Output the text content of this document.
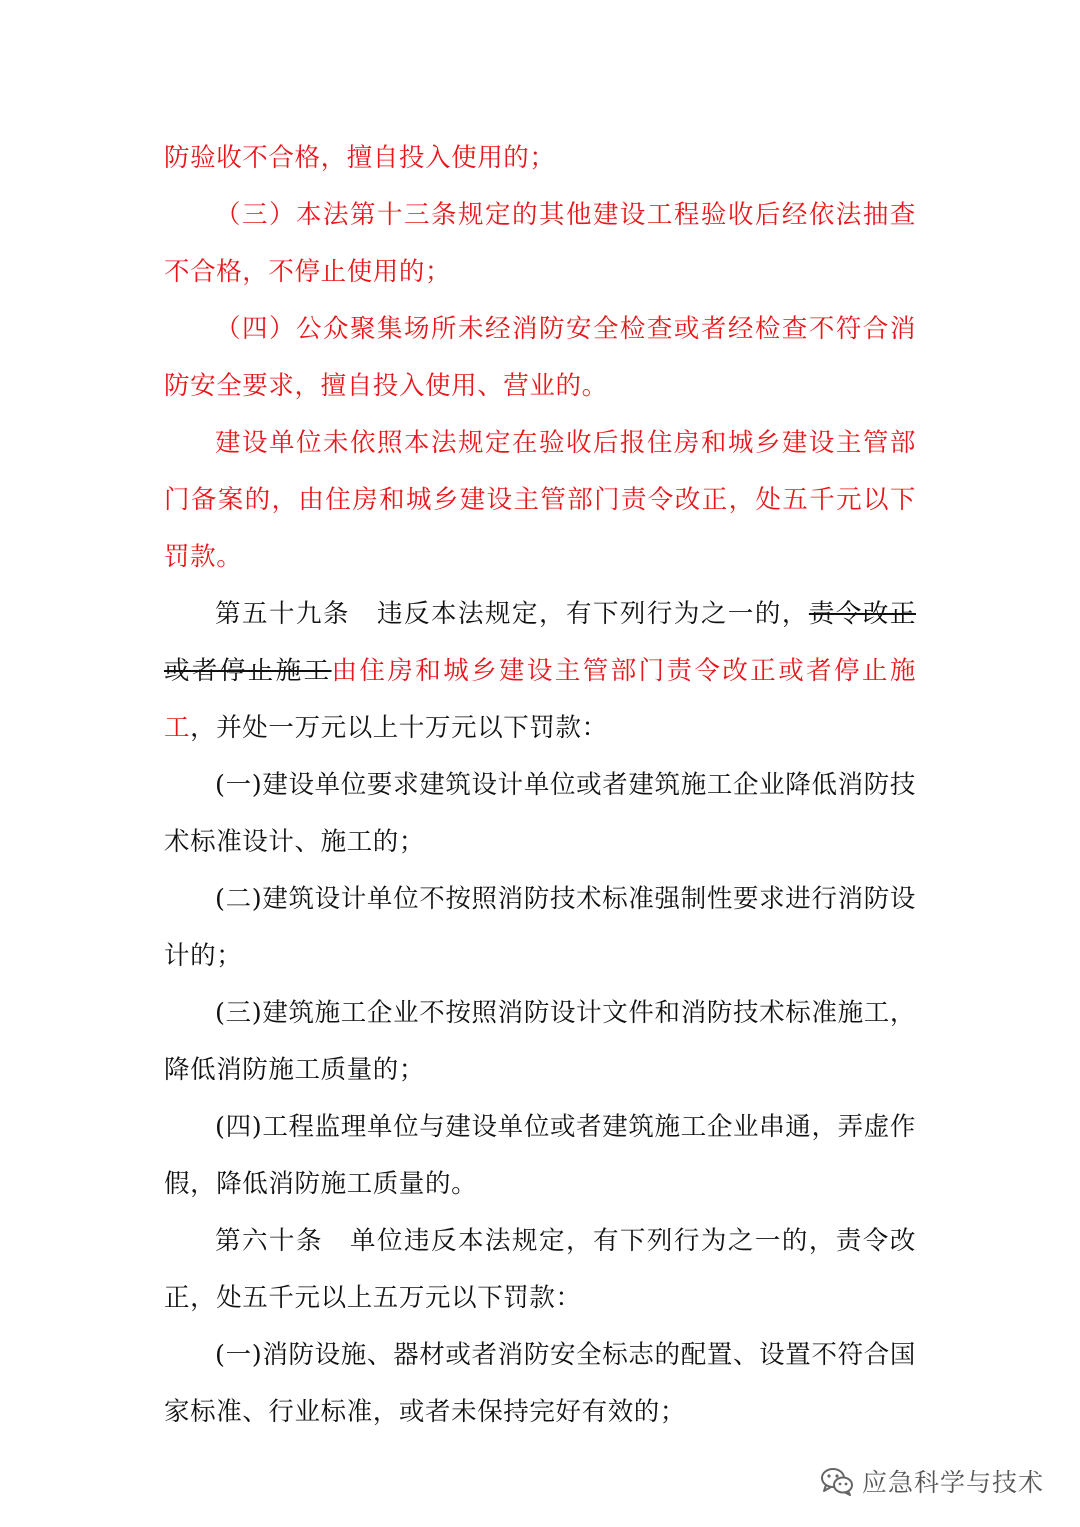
防验收不合格，擅自投入使用的；

（三）本法第十三条规定的其他建设工程验收后经依法抽查不合格，不停止使用的；

（四）公众聚集场所未经消防安全检查或者经检查不符合消防安全要求，擅自投入使用、营业的。

建设单位未依照本法规定在验收后报住房和城乡建设主管部门备案的，由住房和城乡建设主管部门责令改正，处五千元以下罚款。

第五十九条　违反本法规定，有下列行为之一的，责令改正或者停止施工由住房和城乡建设主管部门责令改正或者停止施工，并处一万元以上十万元以下罚款：

(一)建设单位要求建筑设计单位或者建筑施工企业降低消防技术标准设计、施工的；

(二)建筑设计单位不按照消防技术标准强制性要求进行消防设计的；

(三)建筑施工企业不按照消防设计文件和消防技术标准施工，降低消防施工质量的；

(四)工程监理单位与建设单位或者建筑施工企业串通，弄虚作假，降低消防施工质量的。

第六十条　单位违反本法规定，有下列行为之一的，责令改正，处五千元以上五万元以下罚款：

(一)消防设施、器材或者消防安全标志的配置、设置不符合国家标准、行业标准，或者未保持完好有效的；

应急科学与技术
